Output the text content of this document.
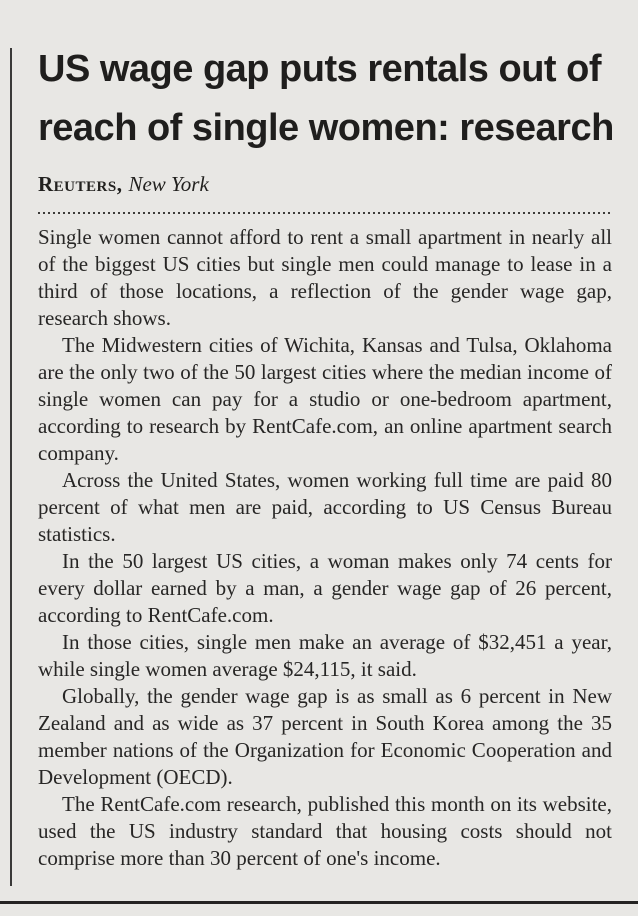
US wage gap puts rentals out of
reach of single women: research
Reuters, New York

Single women cannot afford to rent a small apartment in nearly all of the biggest US cities but single men could manage to lease in a third of those locations, a reflection of the gender wage gap, research shows.

The Midwestern cities of Wichita, Kansas and Tulsa, Oklahoma are the only two of the 50 largest cities where the median income of single women can pay for a studio or one-bedroom apartment, according to research by RentCafe.com, an online apartment search company.

Across the United States, women working full time are paid 80 percent of what men are paid, according to US Census Bureau statistics.

In the 50 largest US cities, a woman makes only 74 cents for every dollar earned by a man, a gender wage gap of 26 percent, according to RentCafe.com.

In those cities, single men make an average of $32,451 a year, while single women average $24,115, it said.

Globally, the gender wage gap is as small as 6 percent in New Zealand and as wide as 37 percent in South Korea among the 35 member nations of the Organization for Economic Cooperation and Development (OECD).

The RentCafe.com research, published this month on its website, used the US industry standard that housing costs should not comprise more than 30 percent of one's income.
